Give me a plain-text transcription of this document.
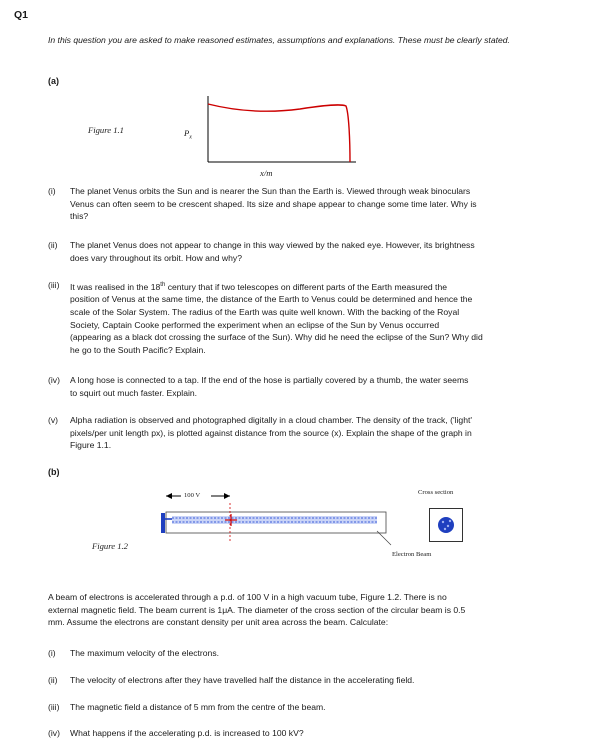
Q1
In this question you are asked to make reasoned estimates, assumptions and explanations. These must be clearly stated.
(a)
Figure 1.1	$P_x$
x/m
(i) The planet Venus orbits the Sun and is nearer the Sun than the Earth is. Viewed through weak binoculars
Venus can often seem to be crescent shaped. Its size and shape appear to change some time later. Why is
this?
(ii) The planet Venus does not appear to change in this way viewed by the naked eye. However, its brightness
does vary throughout its orbit. How and why?
(iii) It was realised in the 18th century that if two telescopes on different parts of the Earth measured the
position of Venus at the same time, the distance of the Earth to Venus could be determined and hence the
scale of the Solar System. The radius of the Earth was quite well known. With the backing of the Royal
Society, Captain Cooke performed the experiment when an eclipse of the Sun by Venus occurred
(appearing as a black dot crossing the surface of the Sun). Why did he need the eclipse of the Sun? Why did
he go to the South Pacific? Explain.
(iv) A long hose is connected to a tap. If the end of the hose is partially covered by a thumb, the water seems
to squirt out much faster. Explain.
(v) Alpha radiation is observed and photographed digitally in a cloud chamber. The density of the track, ('light'
pixels/per unit length px), is plotted against distance from the source (x). Explain the shape of the graph in
Figure 1.1.
(b)
100 V	Cross section
Electron Beam
Figure 1.2
A beam of electrons is accelerated through a p.d. of 100 V in a high vacuum tube, Figure 1.2. There is no
external magnetic field. The beam current is 1μA. The diameter of the cross section of the circular beam is 0.5
mm. Assume the electrons are constant density per unit area across the beam. Calculate:
(i) The maximum velocity of the electrons.
(ii) The velocity of electrons after they have travelled half the distance in the accelerating field.
(iii) The magnetic field a distance of 5 mm from the centre of the beam.
(iv) What happens if the accelerating p.d. is increased to 100 kV?
